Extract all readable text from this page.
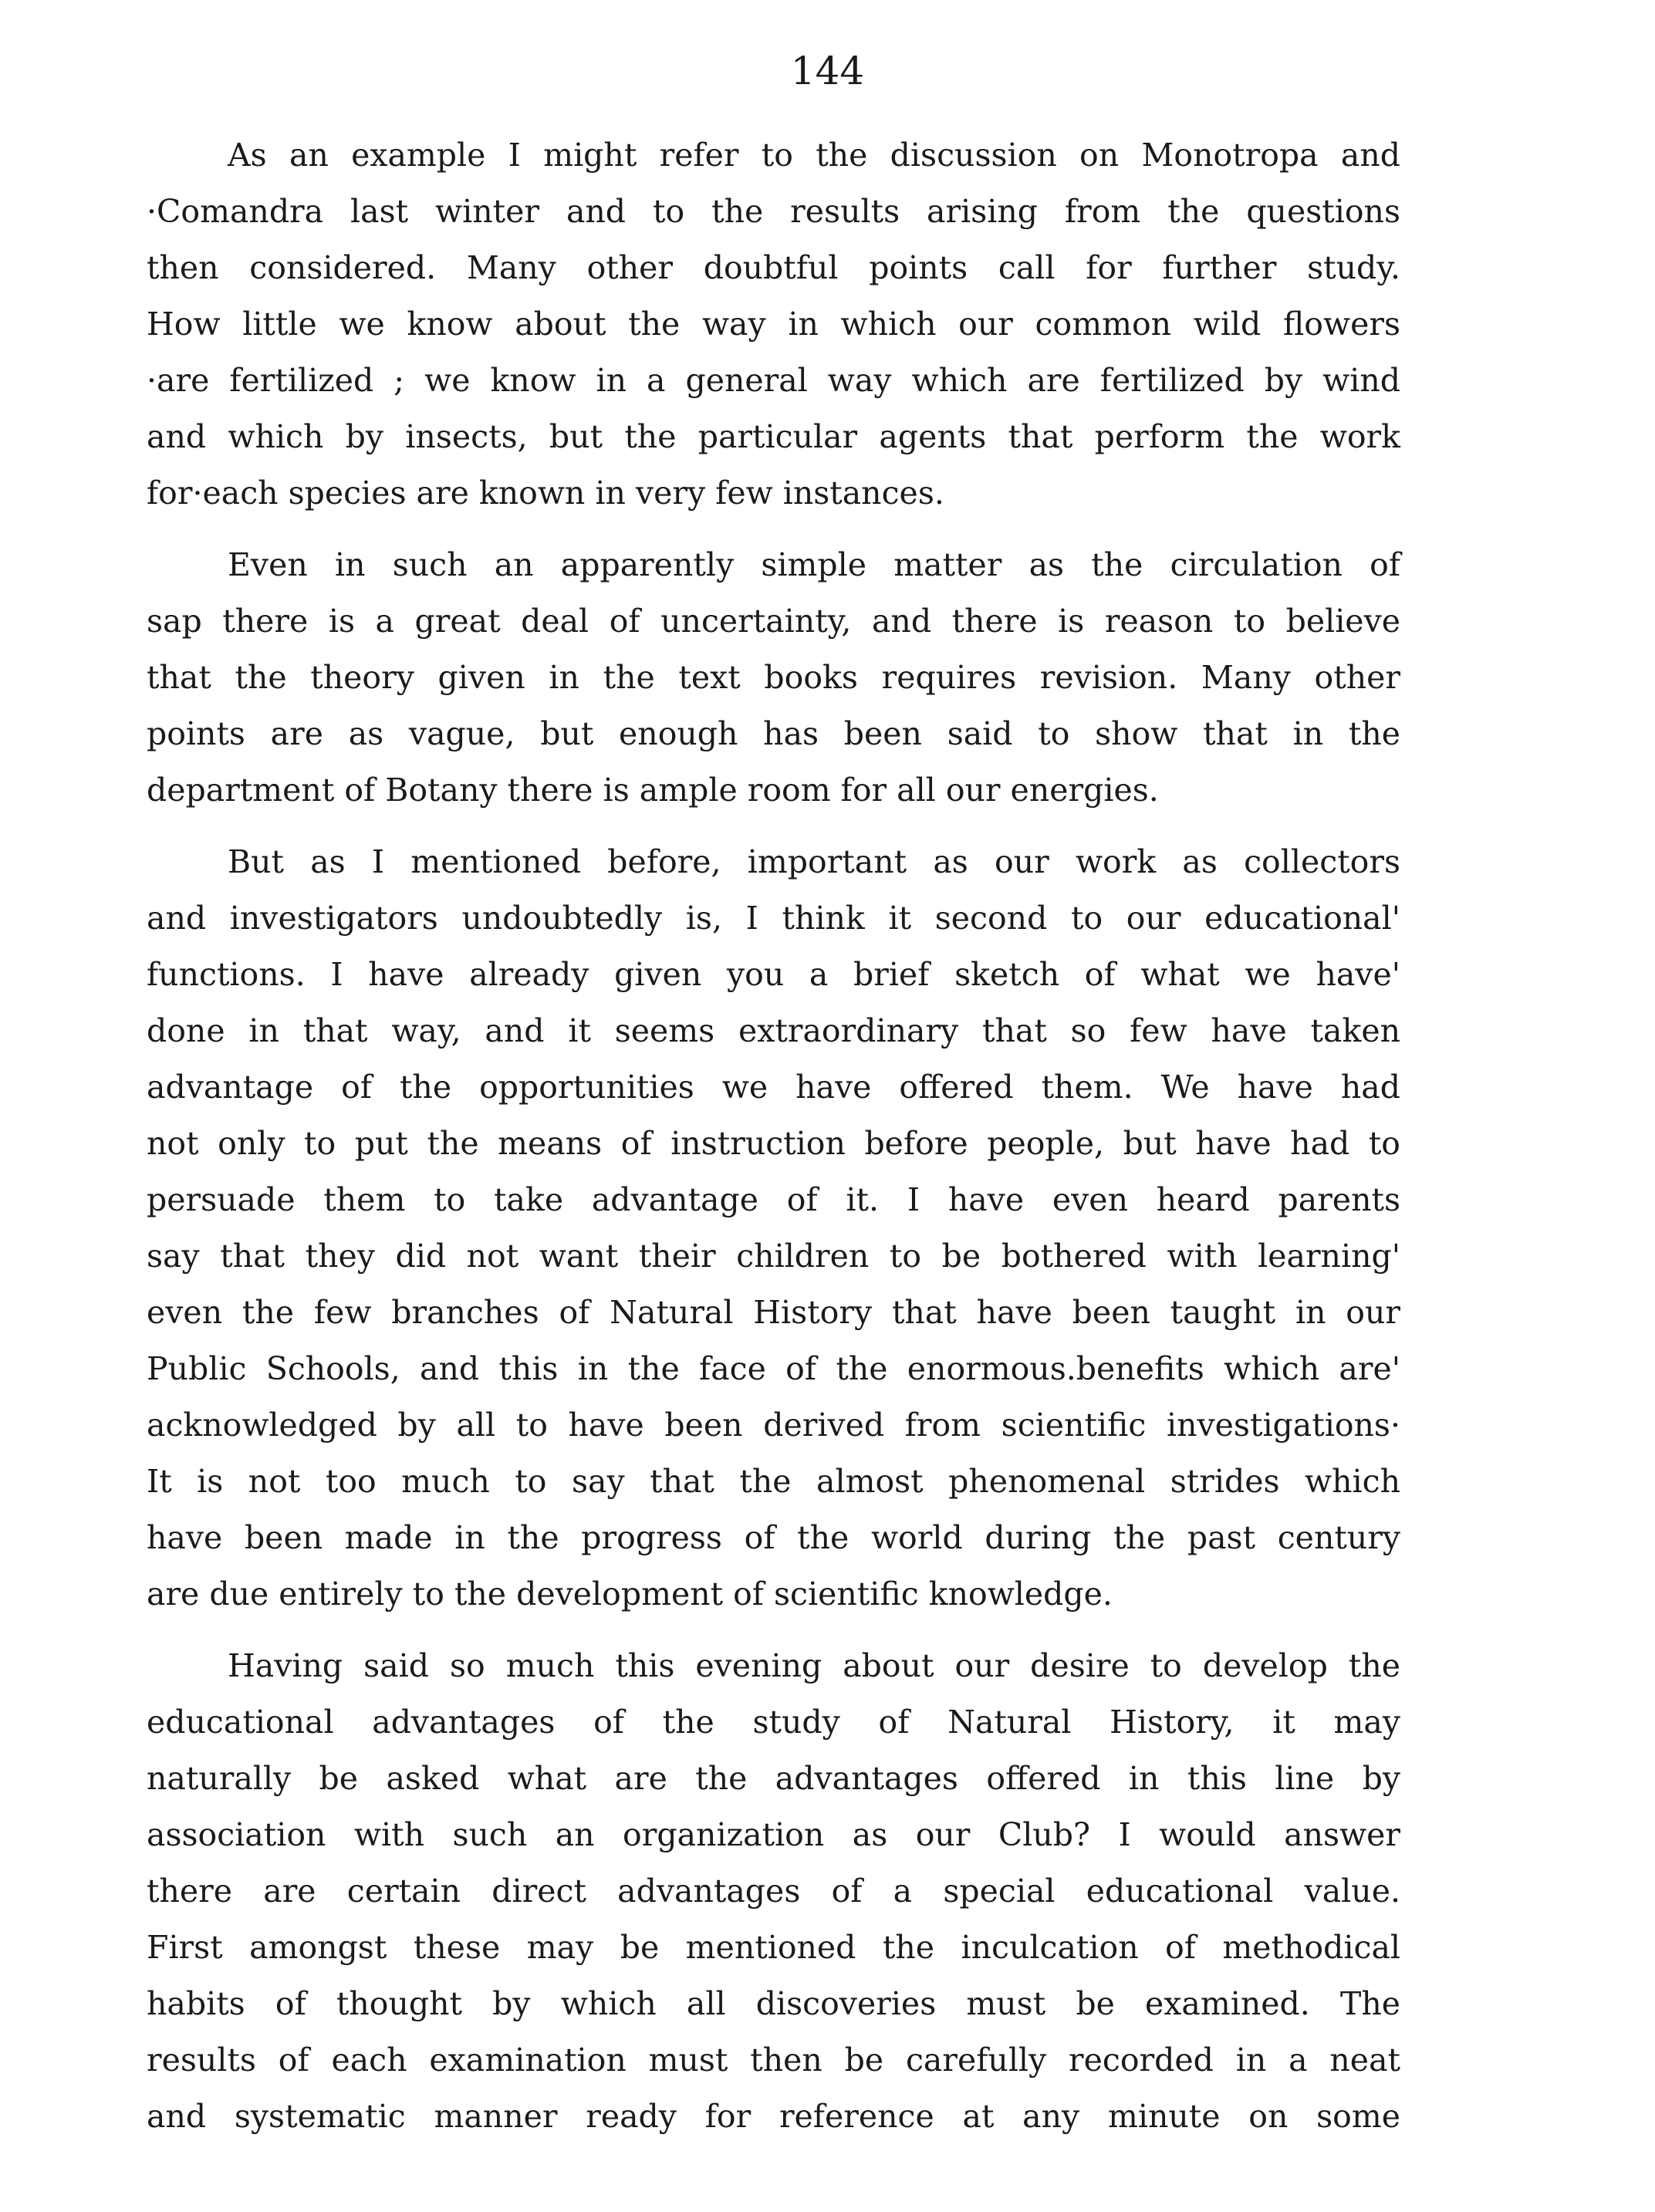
144
As an example I might refer to the discussion on Monotropa and
·Comandra last winter and to the results arising from the questions
then considered. Many other doubtful points call for further study.
How little we know about the way in which our common wild flowers
·are fertilized ; we know in a general way which are fertilized by wind
and which by insects, but the particular agents that perform the work
for·each species are known in very few instances.
Even in such an apparently simple matter as the circulation of
sap there is a great deal of uncertainty, and there is reason to believe
that the theory given in the text books requires revision. Many other
points are as vague, but enough has been said to show that in the
department of Botany there is ample room for all our energies.
But as I mentioned before, important as our work as collectors
and investigators undoubtedly is, I think it second to our educational'
functions. I have already given you a brief sketch of what we have'
done in that way, and it seems extraordinary that so few have taken
advantage of the opportunities we have offered them. We have had
not only to put the means of instruction before people, but have had to
persuade them to take advantage of it. I have even heard parents
say that they did not want their children to be bothered with learning'
even the few branches of Natural History that have been taught in our
Public Schools, and this in the face of the enormous.benefits which are'
acknowledged by all to have been derived from scientific investigations·
It is not too much to say that the almost phenomenal strides which
have been made in the progress of the world during the past century
are due entirely to the development of scientific knowledge.
Having said so much this evening about our desire to develop the
educational advantages of the study of Natural History, it may
naturally be asked what are the advantages offered in this line by
association with such an organization as our Club? I would answer
there are certain direct advantages of a special educational value.
First amongst these may be mentioned the inculcation of methodical
habits of thought by which all discoveries must be examined. The
results of each examination must then be carefully recorded in a neat
and systematic manner ready for reference at any minute on some
